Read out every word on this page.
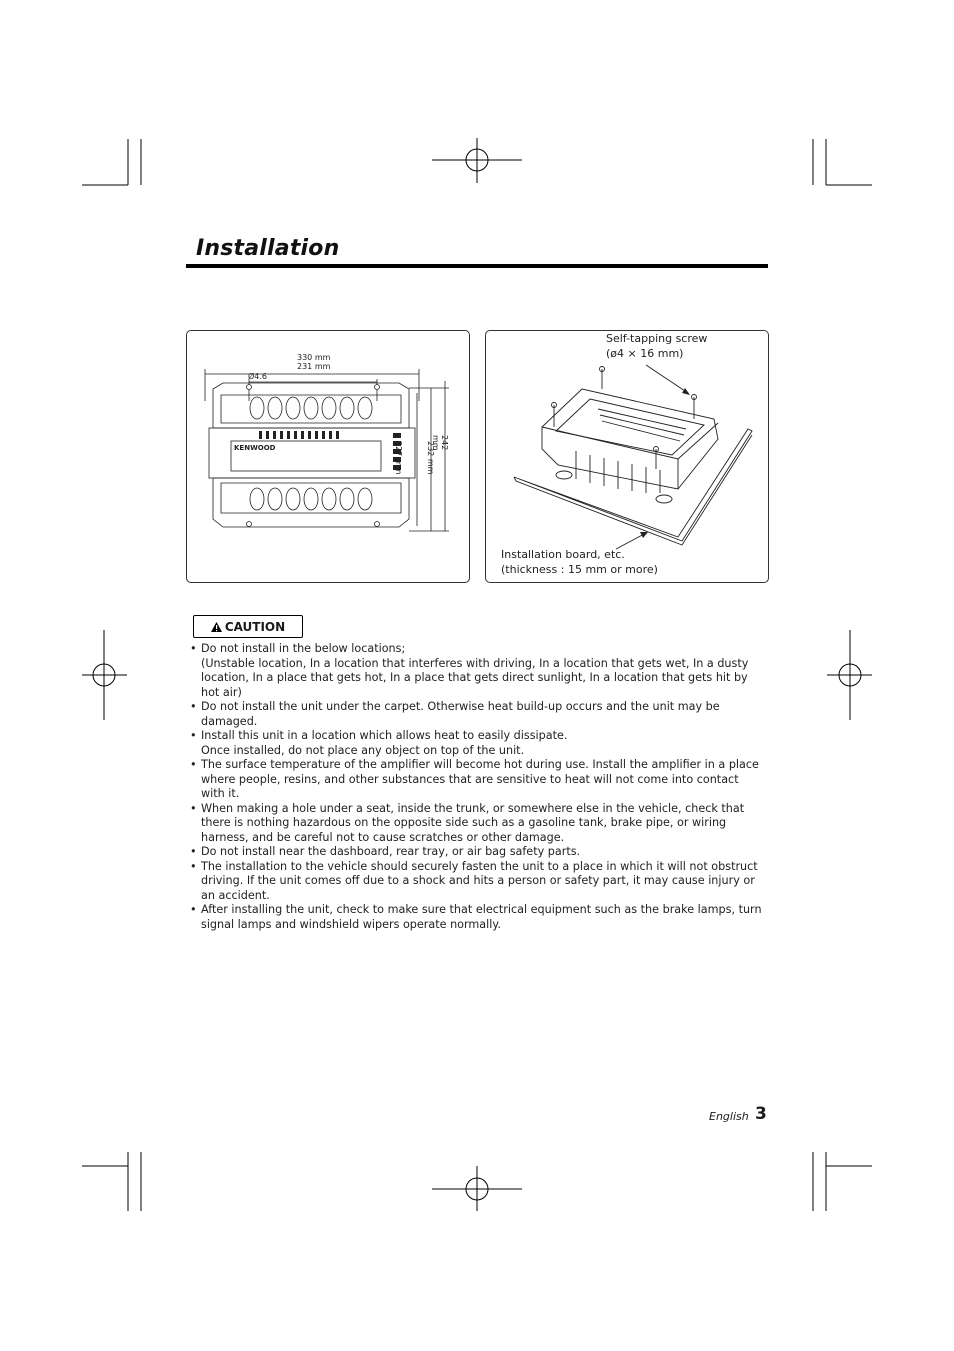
Installation
330 mm
231 mm
Ø4.6
KENWOOD	227 mm	232 mm 242 mm
Self-tapping screw
(ø4 × 16 mm)
Installation board, etc.
(thickness : 15 mm or more)
CAUTION
• Do not install in the below locations;
(Unstable location, In a location that interferes with driving, In a location that gets wet, In a dusty location, In a place that gets hot, In a place that gets direct sunlight, In a location that gets hit by hot air)
• Do not install the unit under the carpet. Otherwise heat build-up occurs and the unit may be damaged.
• Install this unit in a location which allows heat to easily dissipate.
Once installed, do not place any object on top of the unit.
• The surface temperature of the amplifier will become hot during use. Install the amplifier in a place where people, resins, and other substances that are sensitive to heat will not come into contact with it.
• When making a hole under a seat, inside the trunk, or somewhere else in the vehicle, check that there is nothing hazardous on the opposite side such as a gasoline tank, brake pipe, or wiring harness, and be careful not to cause scratches or other damage.
• Do not install near the dashboard, rear tray, or air bag safety parts.
• The installation to the vehicle should securely fasten the unit to a place in which it will not obstruct driving. If the unit comes off due to a shock and hits a person or safety part, it may cause injury or an accident.
• After installing the unit, check to make sure that electrical equipment such as the brake lamps, turn signal lamps and windshield wipers operate normally.
English 3
